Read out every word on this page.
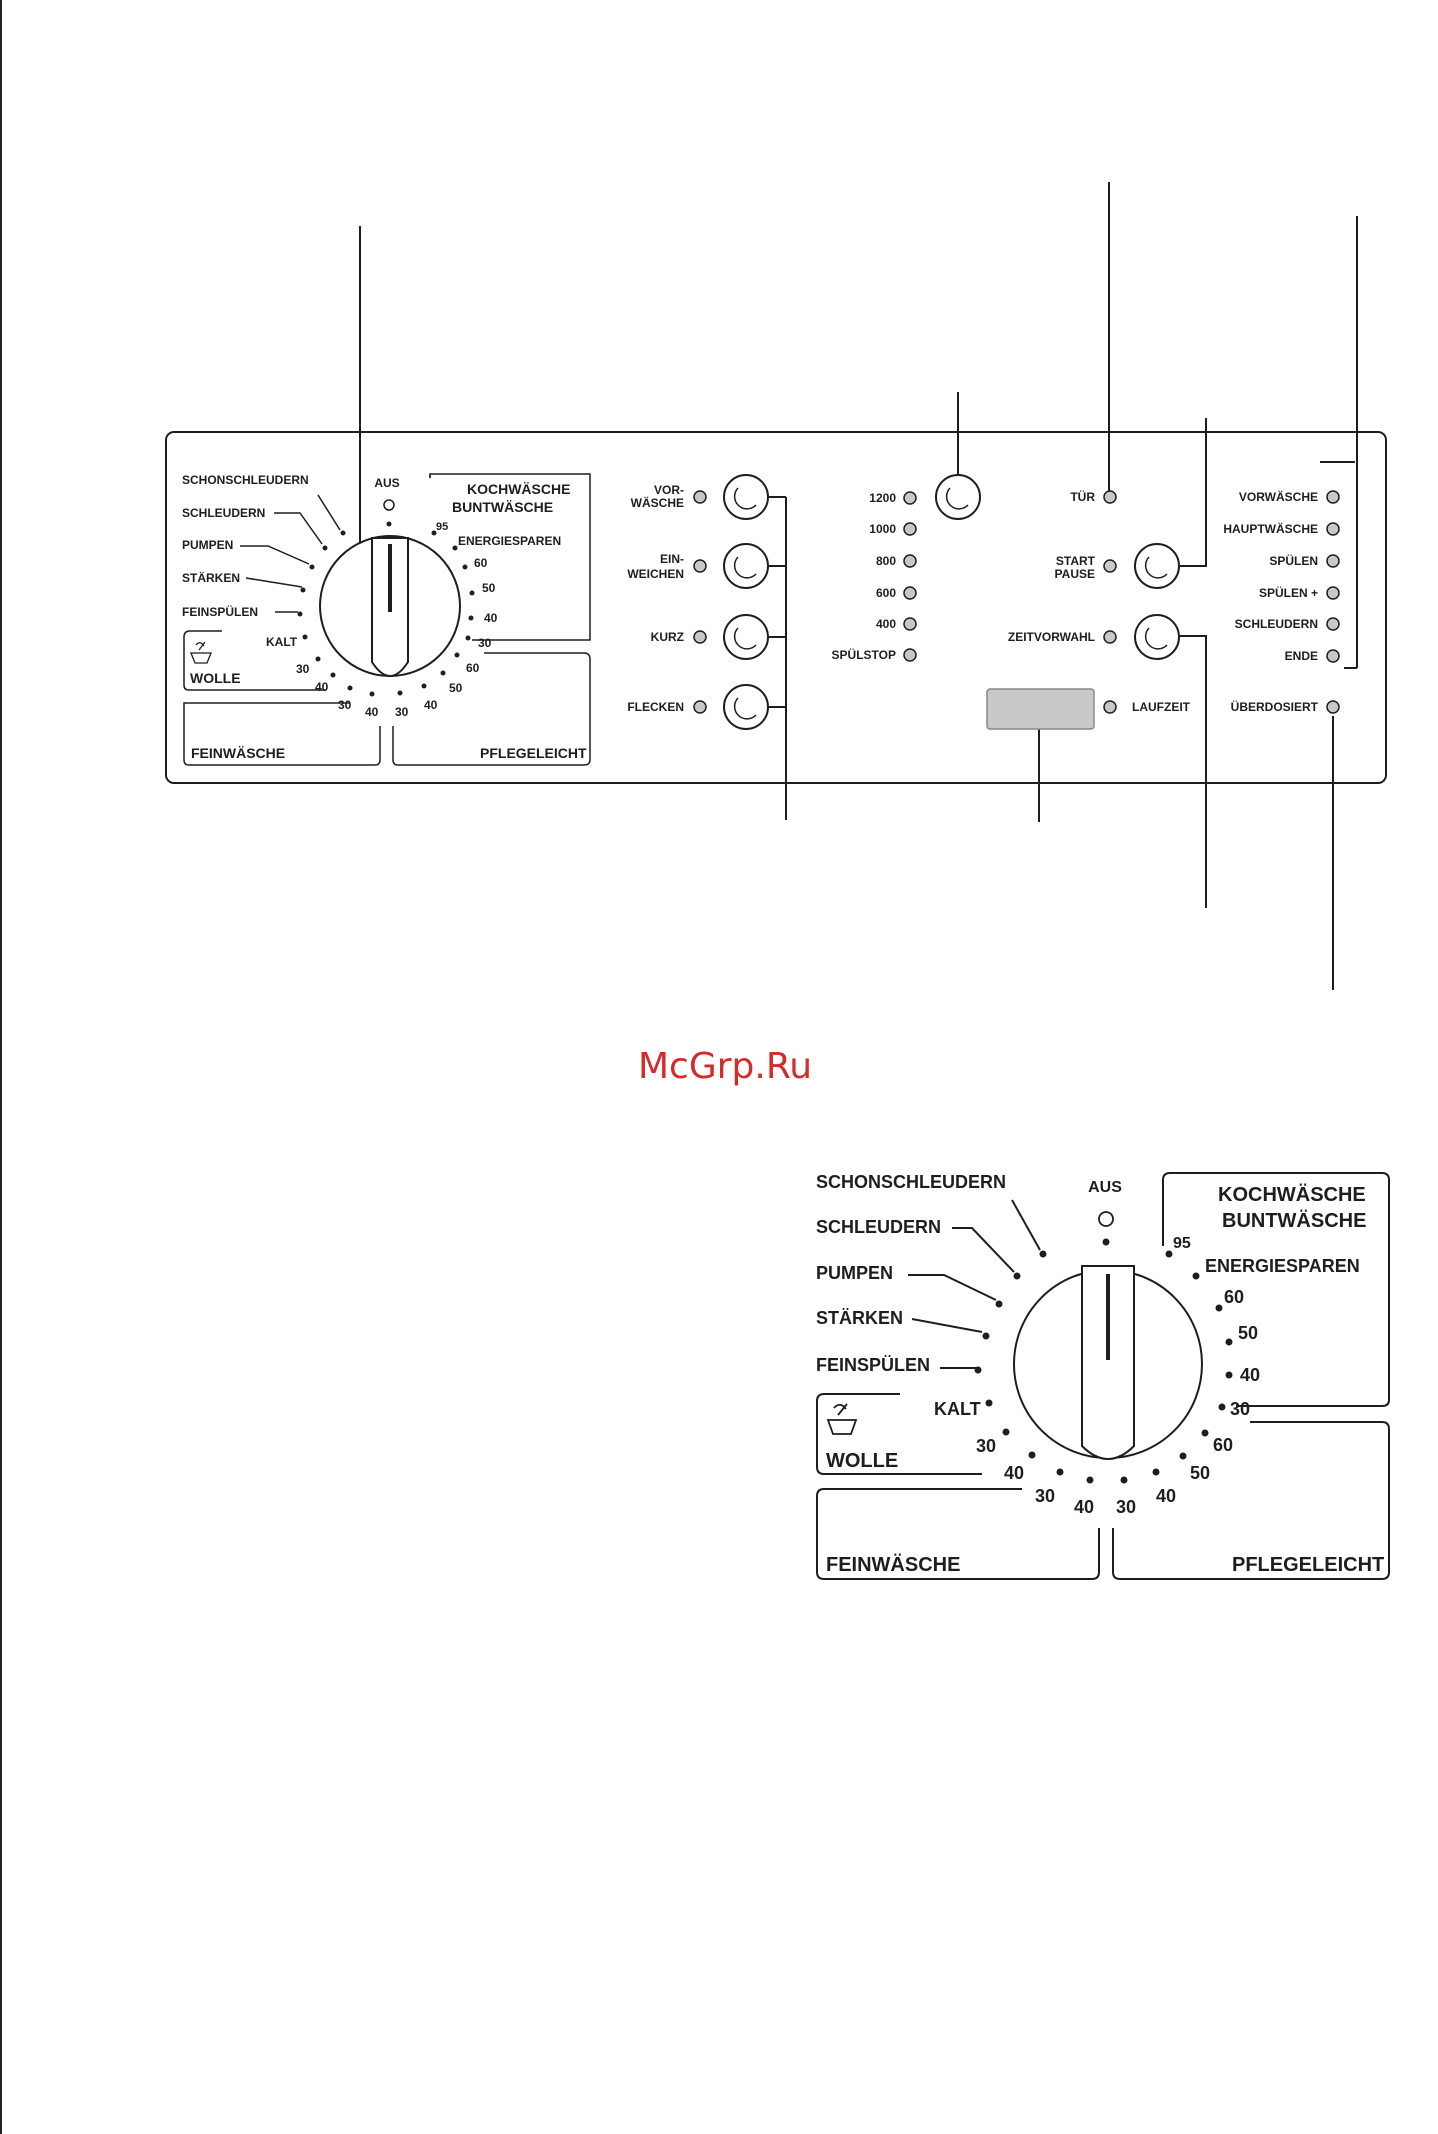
AUS
SCHONSCHLEUDERN
SCHLEUDERN
PUMPEN
STÄRKEN
FEINSPÜLEN
KALT
KOCHWÄSCHE
BUNTWÄSCHE
95
ENERGIESPAREN
60
50
40
30
WOLLE
30
40
FEINWÄSCHE
30 40
PFLEGELEICHT
30 40
50
60
VOR-
WÄSCHE
EIN-
WEICHEN
KURZ
FLECKEN
1200
1000
800
600
400
SPÜLSTOP
TÜR
START
PAUSE
ZEITVORWAHL
LAUFZEIT
VORWÄSCHE
HAUPTWÄSCHE
SPÜLEN
SPÜLEN +
SCHLEUDERN
ENDE
ÜBERDOSIERT
McGrp.Ru
AUS
SCHONSCHLEUDERN
SCHLEUDERN
PUMPEN
STÄRKEN
FEINSPÜLEN
KALT
KOCHWÄSCHE
BUNTWÄSCHE
95
ENERGIESPAREN
60
50
40
30
WOLLE
30
40
FEINWÄSCHE
30
40
PFLEGELEICHT
30
40
50
60
